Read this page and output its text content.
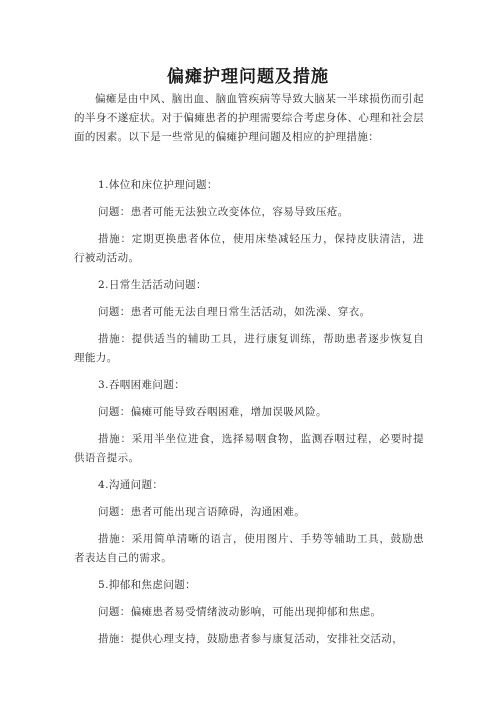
偏瘫护理问题及措施
偏瘫是由中风、脑出血、脑血管疾病等导致大脑某一半球损伤而引起的半身不遂症状。对于偏瘫患者的护理需要综合考虑身体、心理和社会层面的因素。以下是一些常见的偏瘫护理问题及相应的护理措施：
1.体位和床位护理问题：
问题：患者可能无法独立改变体位，容易导致压疮。
措施：定期更换患者体位，使用床垫减轻压力，保持皮肤清洁，进行被动活动。
2.日常生活活动问题：
问题：患者可能无法自理日常生活活动，如洗澡、穿衣。
措施：提供适当的辅助工具，进行康复训练，帮助患者逐步恢复自理能力。
3.吞咽困难问题：
问题：偏瘫可能导致吞咽困难，增加误吸风险。
措施：采用半坐位进食，选择易咽食物，监测吞咽过程，必要时提供语音提示。
4.沟通问题：
问题：患者可能出现言语障碍，沟通困难。
措施：采用简单清晰的语言，使用图片、手势等辅助工具，鼓励患者表达自己的需求。
5.抑郁和焦虑问题：
问题：偏瘫患者易受情绪波动影响，可能出现抑郁和焦虑。
措施：提供心理支持，鼓励患者参与康复活动，安排社交活动，
